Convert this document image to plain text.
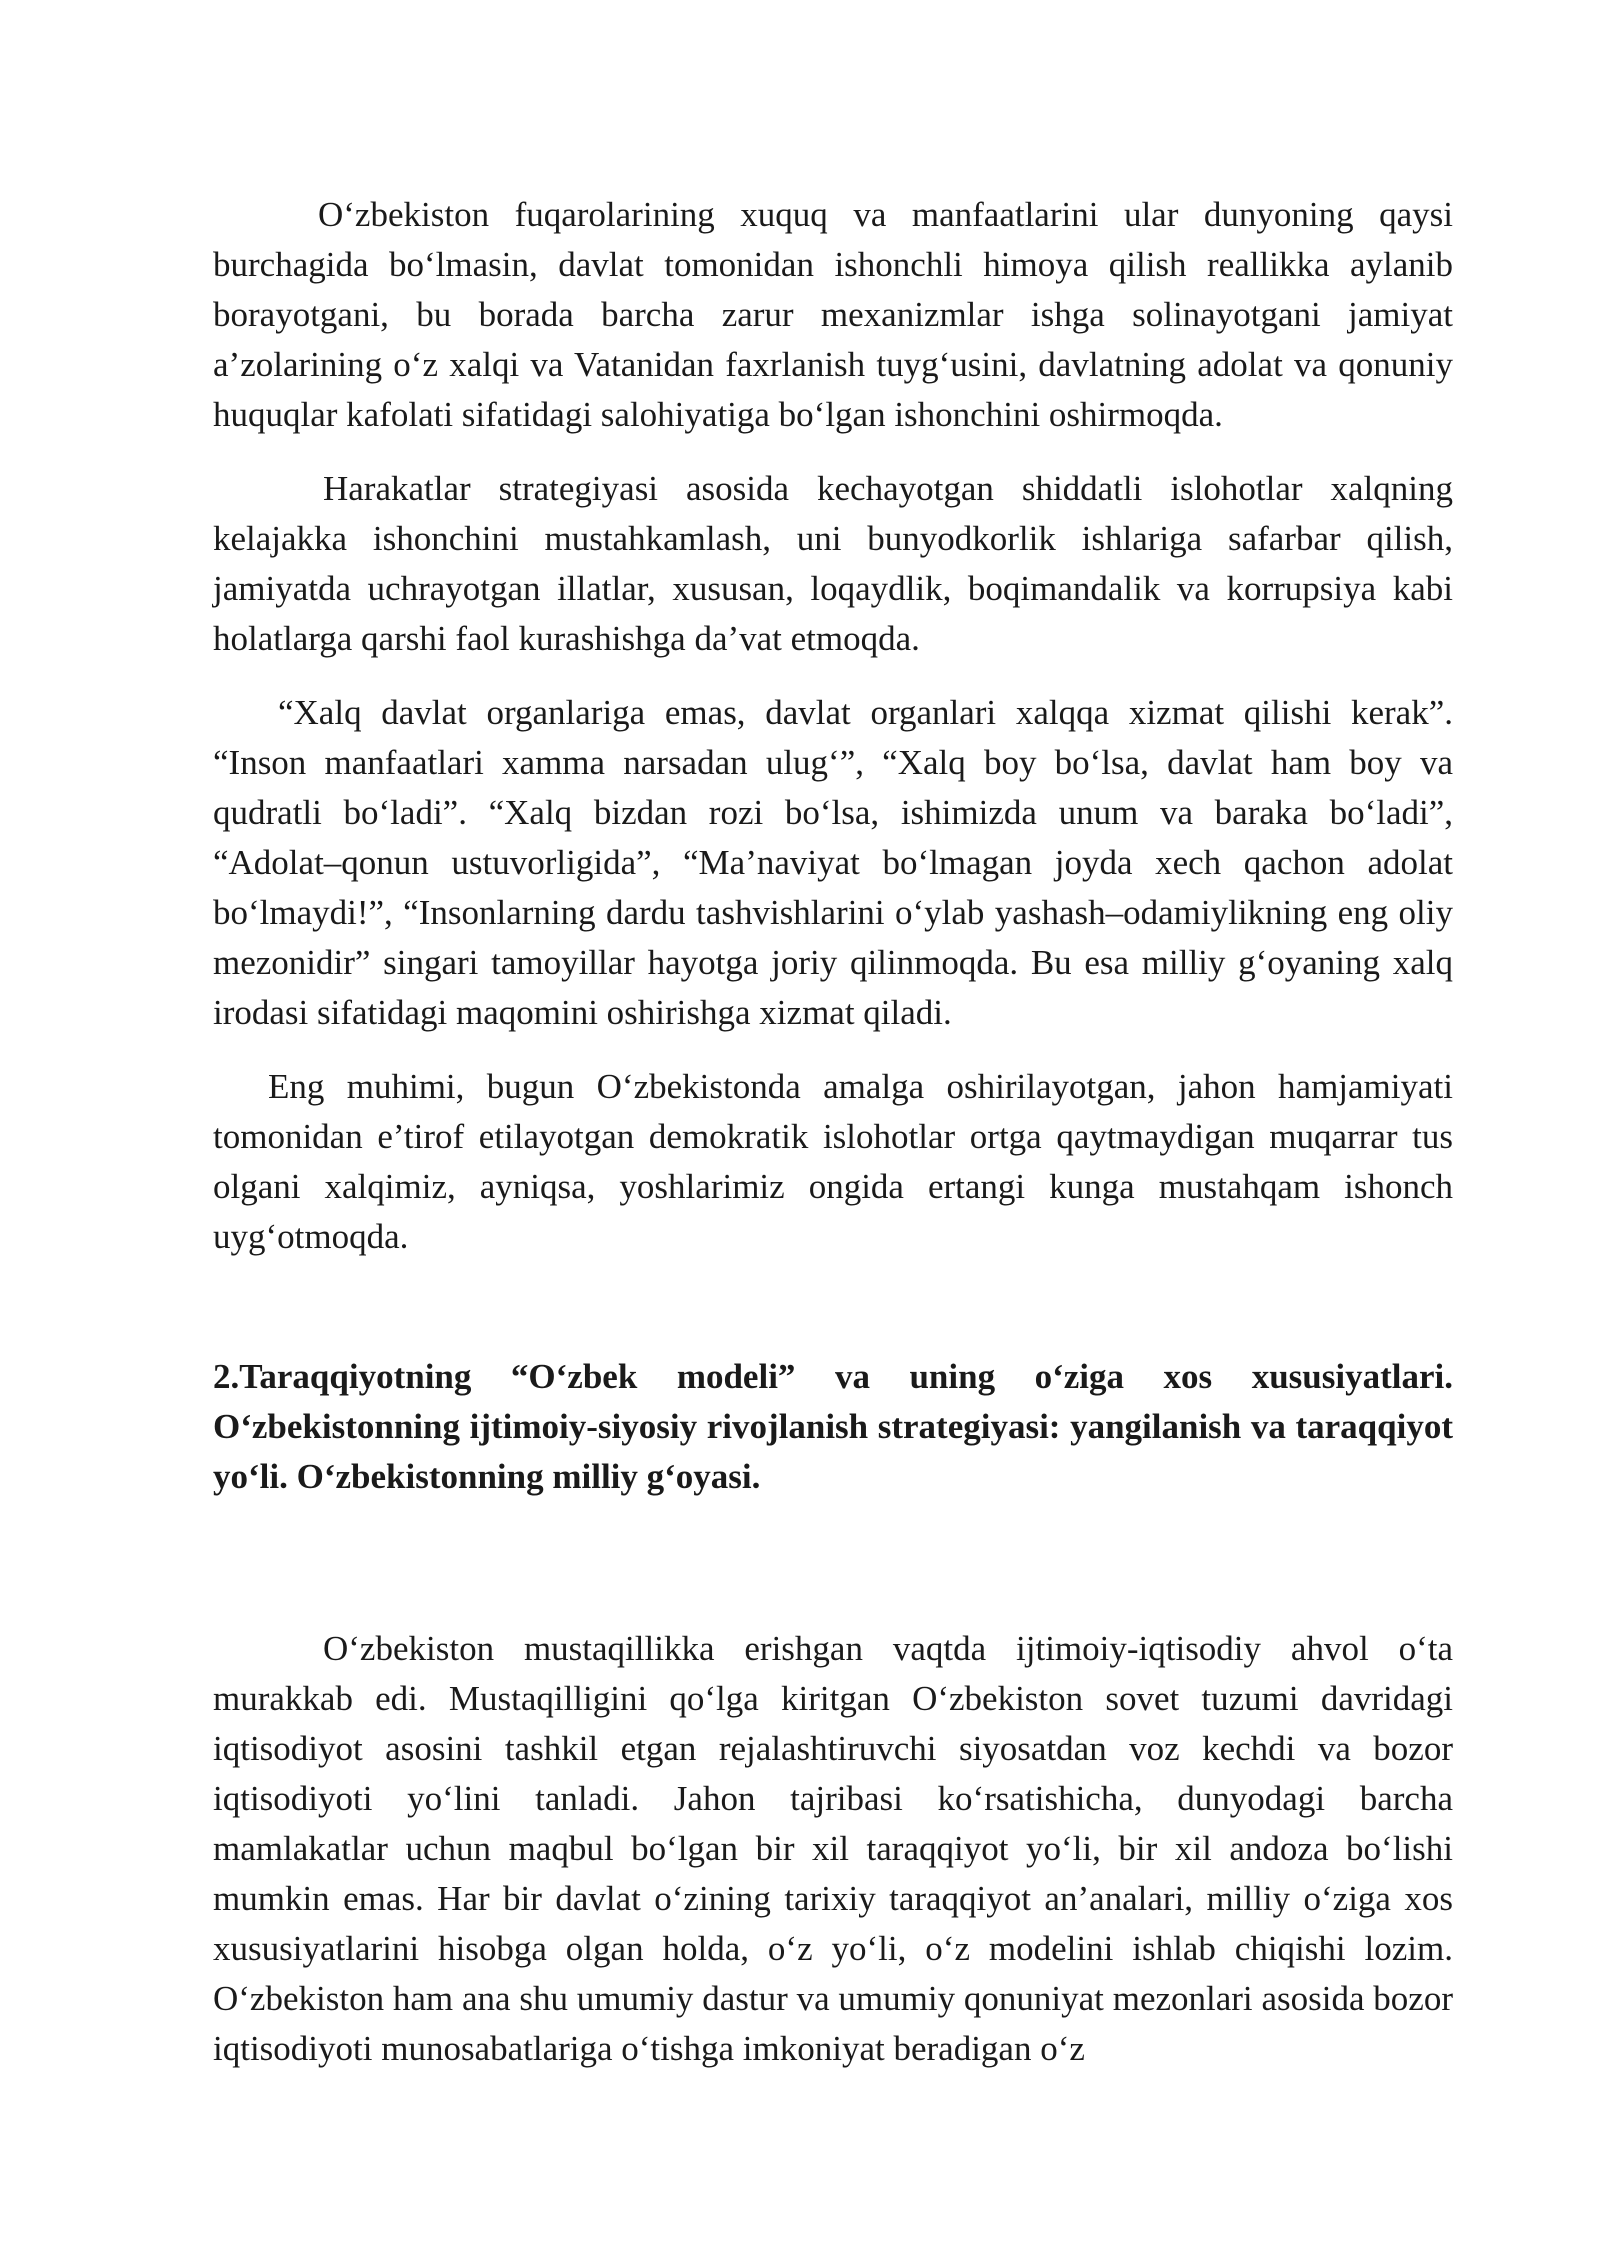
O‘zbekiston fuqarolarining xuquq va manfaatlarini ular dunyoning qaysi burchagida bo‘lmasin, davlat tomonidan ishonchli himoya qilish reallikka aylanib borayotgani, bu borada barcha zarur mexanizmlar ishga solinayotgani jamiyat a’zolarining o‘z xalqi va Vatanidan faxrlanish tuyg‘usini, davlatning adolat va qonuniy huquqlar kafolati sifatidagi salohiyatiga bo‘lgan ishonchini oshirmoqda.

Harakatlar strategiyasi asosida kechayotgan shiddatli islohotlar xalqning kelajakka ishonchini mustahkamlash, uni bunyodkorlik ishlariga safarbar qilish, jamiyatda uchrayotgan illatlar, xususan, loqaydlik, boqimandalik va korrupsiya kabi holatlarga qarshi faol kurashishga da’vat etmoqda.

“Xalq davlat organlariga emas, davlat organlari xalqqa xizmat qilishi kerak”. “Inson manfaatlari xamma narsadan ulug‘”, “Xalq boy bo‘lsa, davlat ham boy va qudratli bo‘ladi”. “Xalq bizdan rozi bo‘lsa, ishimizda unum va baraka bo‘ladi”, “Adolat–qonun ustuvorligida”, “Ma’naviyat bo‘lmagan joyda xech qachon adolat bo‘lmaydi!”, “Insonlarning dardu tashvishlarini o‘ylab yashash–odamiylikning eng oliy mezonidir” singari tamoyillar hayotga joriy qilinmoqda. Bu esa milliy g‘oyaning xalq irodasi sifatidagi maqomini oshirishga xizmat qiladi.

Eng muhimi, bugun O‘zbekistonda amalga oshirilayotgan, jahon hamjamiyati tomonidan e’tirof etilayotgan demokratik islohotlar ortga qaytmaydigan muqarrar tus olgani xalqimiz, ayniqsa, yoshlarimiz ongida ertangi kunga mustahqam ishonch uyg‘otmoqda.

2.Taraqqiyotning “O‘zbek modeli” va uning o‘ziga xos xususiyatlari. O‘zbekistonning ijtimoiy-siyosiy rivojlanish strategiyasi: yangilanish va taraqqiyot yo‘li. O‘zbekistonning milliy g‘oyasi.

O‘zbekiston mustaqillikka erishgan vaqtda ijtimoiy-iqtisodiy ahvol o‘ta murakkab edi. Mustaqilligini qo‘lga kiritgan O‘zbekiston sovet tuzumi davridagi iqtisodiyot asosini tashkil etgan rejalashtiruvchi siyosatdan voz kechdi va bozor iqtisodiyoti yo‘lini tanladi. Jahon tajribasi ko‘rsatishicha, dunyodagi barcha mamlakatlar uchun maqbul bo‘lgan bir xil taraqqiyot yo‘li, bir xil andoza bo‘lishi mumkin emas. Har bir davlat o‘zining tarixiy taraqqiyot an’analari, milliy o‘ziga xos xususiyatlarini hisobga olgan holda, o‘z yo‘li, o‘z modelini ishlab chiqishi lozim. O‘zbekiston ham ana shu umumiy dastur va umumiy qonuniyat mezonlari asosida bozor iqtisodiyoti munosabatlariga o‘tishga imkoniyat beradigan o‘z
